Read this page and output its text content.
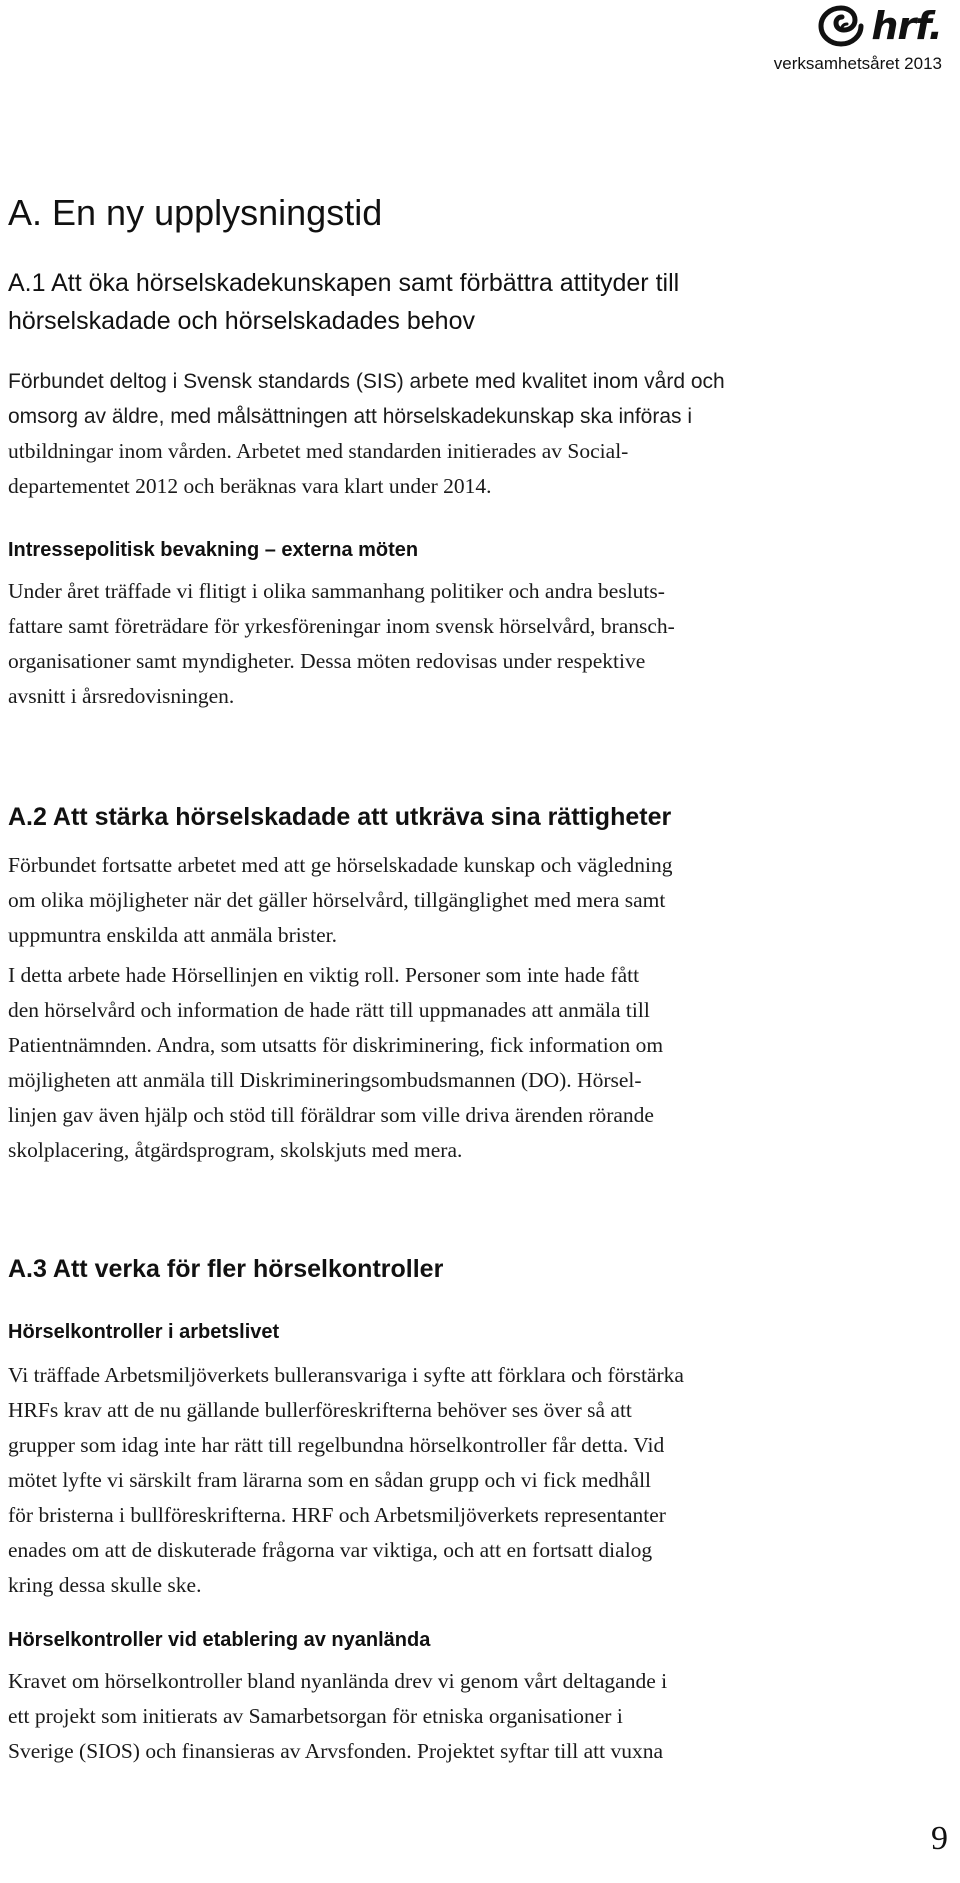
hrf.
verksamhetsåret 2013
A. En ny upplysningstid
A.1 Att öka hörselskadekunskapen samt förbättra attityder till
hörselskadade och hörselskadades behov
Förbundet deltog i Svensk standards (SIS) arbete med kvalitet inom vård och
omsorg av äldre, med målsättningen att hörselskadekunskap ska införas i
utbildningar inom vården. Arbetet med standarden initierades av Social-
departementet 2012 och beräknas vara klart under 2014.
Intressepolitisk bevakning – externa möten
Under året träffade vi flitigt i olika sammanhang politiker och andra besluts-
fattare samt företrädare för yrkesföreningar inom svensk hörselvård, bransch-
organisationer samt myndigheter. Dessa möten redovisas under respektive
avsnitt i årsredovisningen.
A.2 Att stärka hörselskadade att utkräva sina rättigheter
Förbundet fortsatte arbetet med att ge hörselskadade kunskap och vägledning
om olika möjligheter när det gäller hörselvård, tillgänglighet med mera samt
uppmuntra enskilda att anmäla brister.
I detta arbete hade Hörsellinjen en viktig roll. Personer som inte hade fått
den hörselvård och information de hade rätt till uppmanades att anmäla till
Patientnämnden. Andra, som utsatts för diskriminering, fick information om
möjligheten att anmäla till Diskrimineringsombudsmannen (DO). Hörsel-
linjen gav även hjälp och stöd till föräldrar som ville driva ärenden rörande
skolplacering, åtgärdsprogram, skolskjuts med mera.
A.3 Att verka för fler hörselkontroller
Hörselkontroller i arbetslivet
Vi träffade Arbetsmiljöverkets bulleransvariga i syfte att förklara och förstärka
HRFs krav att de nu gällande bullerföreskrifterna behöver ses över så att
grupper som idag inte har rätt till regelbundna hörselkontroller får detta. Vid
mötet lyfte vi särskilt fram lärarna som en sådan grupp och vi fick medhåll
för bristerna i bullföreskrifterna. HRF och Arbetsmiljöverkets representanter
enades om att de diskuterade frågorna var viktiga, och att en fortsatt dialog
kring dessa skulle ske.
Hörselkontroller vid etablering av nyanlända
Kravet om hörselkontroller bland nyanlända drev vi genom vårt deltagande i
ett projekt som initierats av Samarbetsorgan för etniska organisationer i
Sverige (SIOS) och finansieras av Arvsfonden. Projektet syftar till att vuxna
9
